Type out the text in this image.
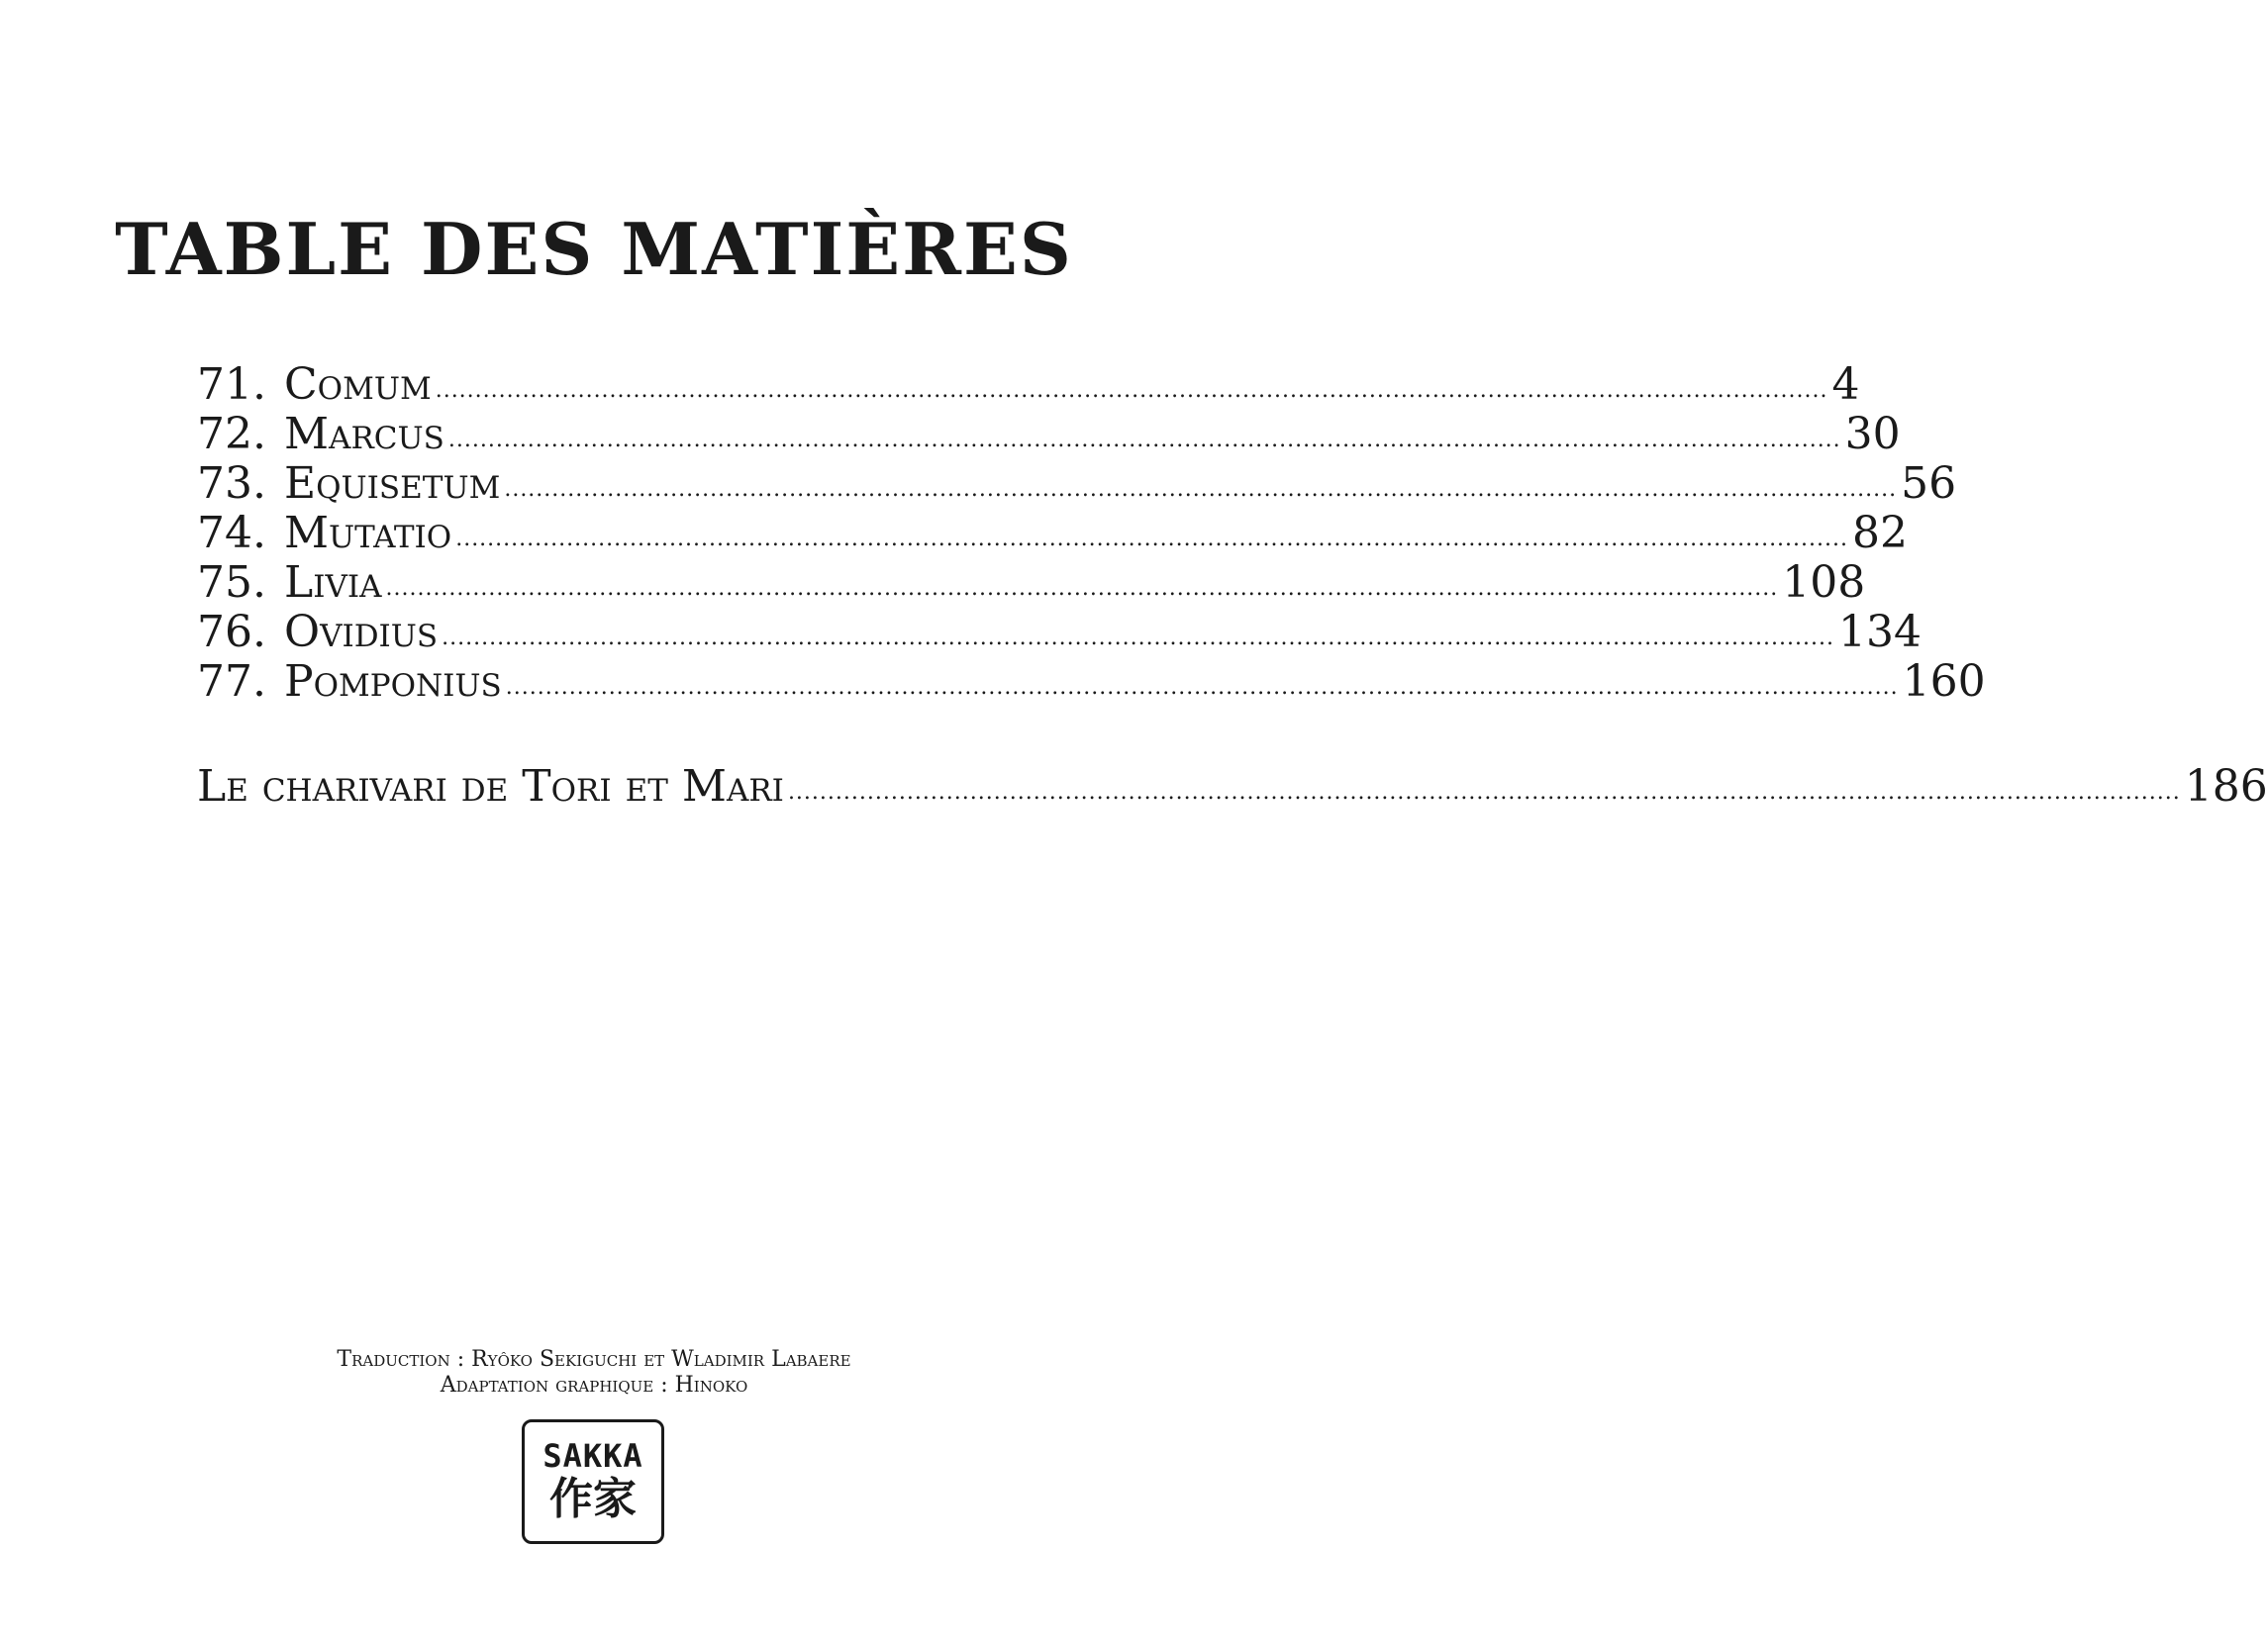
TABLE DES MATIÈRES
71. Comum ................................................................................................................................................................................ 4
72. Marcus ................................................................................................................................................................................ 30
73. Equisetum ................................................................................................................................................................................ 56
74. Mutatio ................................................................................................................................................................................ 82
75. Livia ................................................................................................................................................................................ 108
76. Ovidius ................................................................................................................................................................................ 134
77. Pomponius ................................................................................................................................................................................ 160
Le charivari de Tori et Mari ................................................................................................................................................................................ 186
Traduction : Ryôko Sekiguchi et Wladimir Labaere
Adaptation graphique : Hinoko
SAKKA
作家
